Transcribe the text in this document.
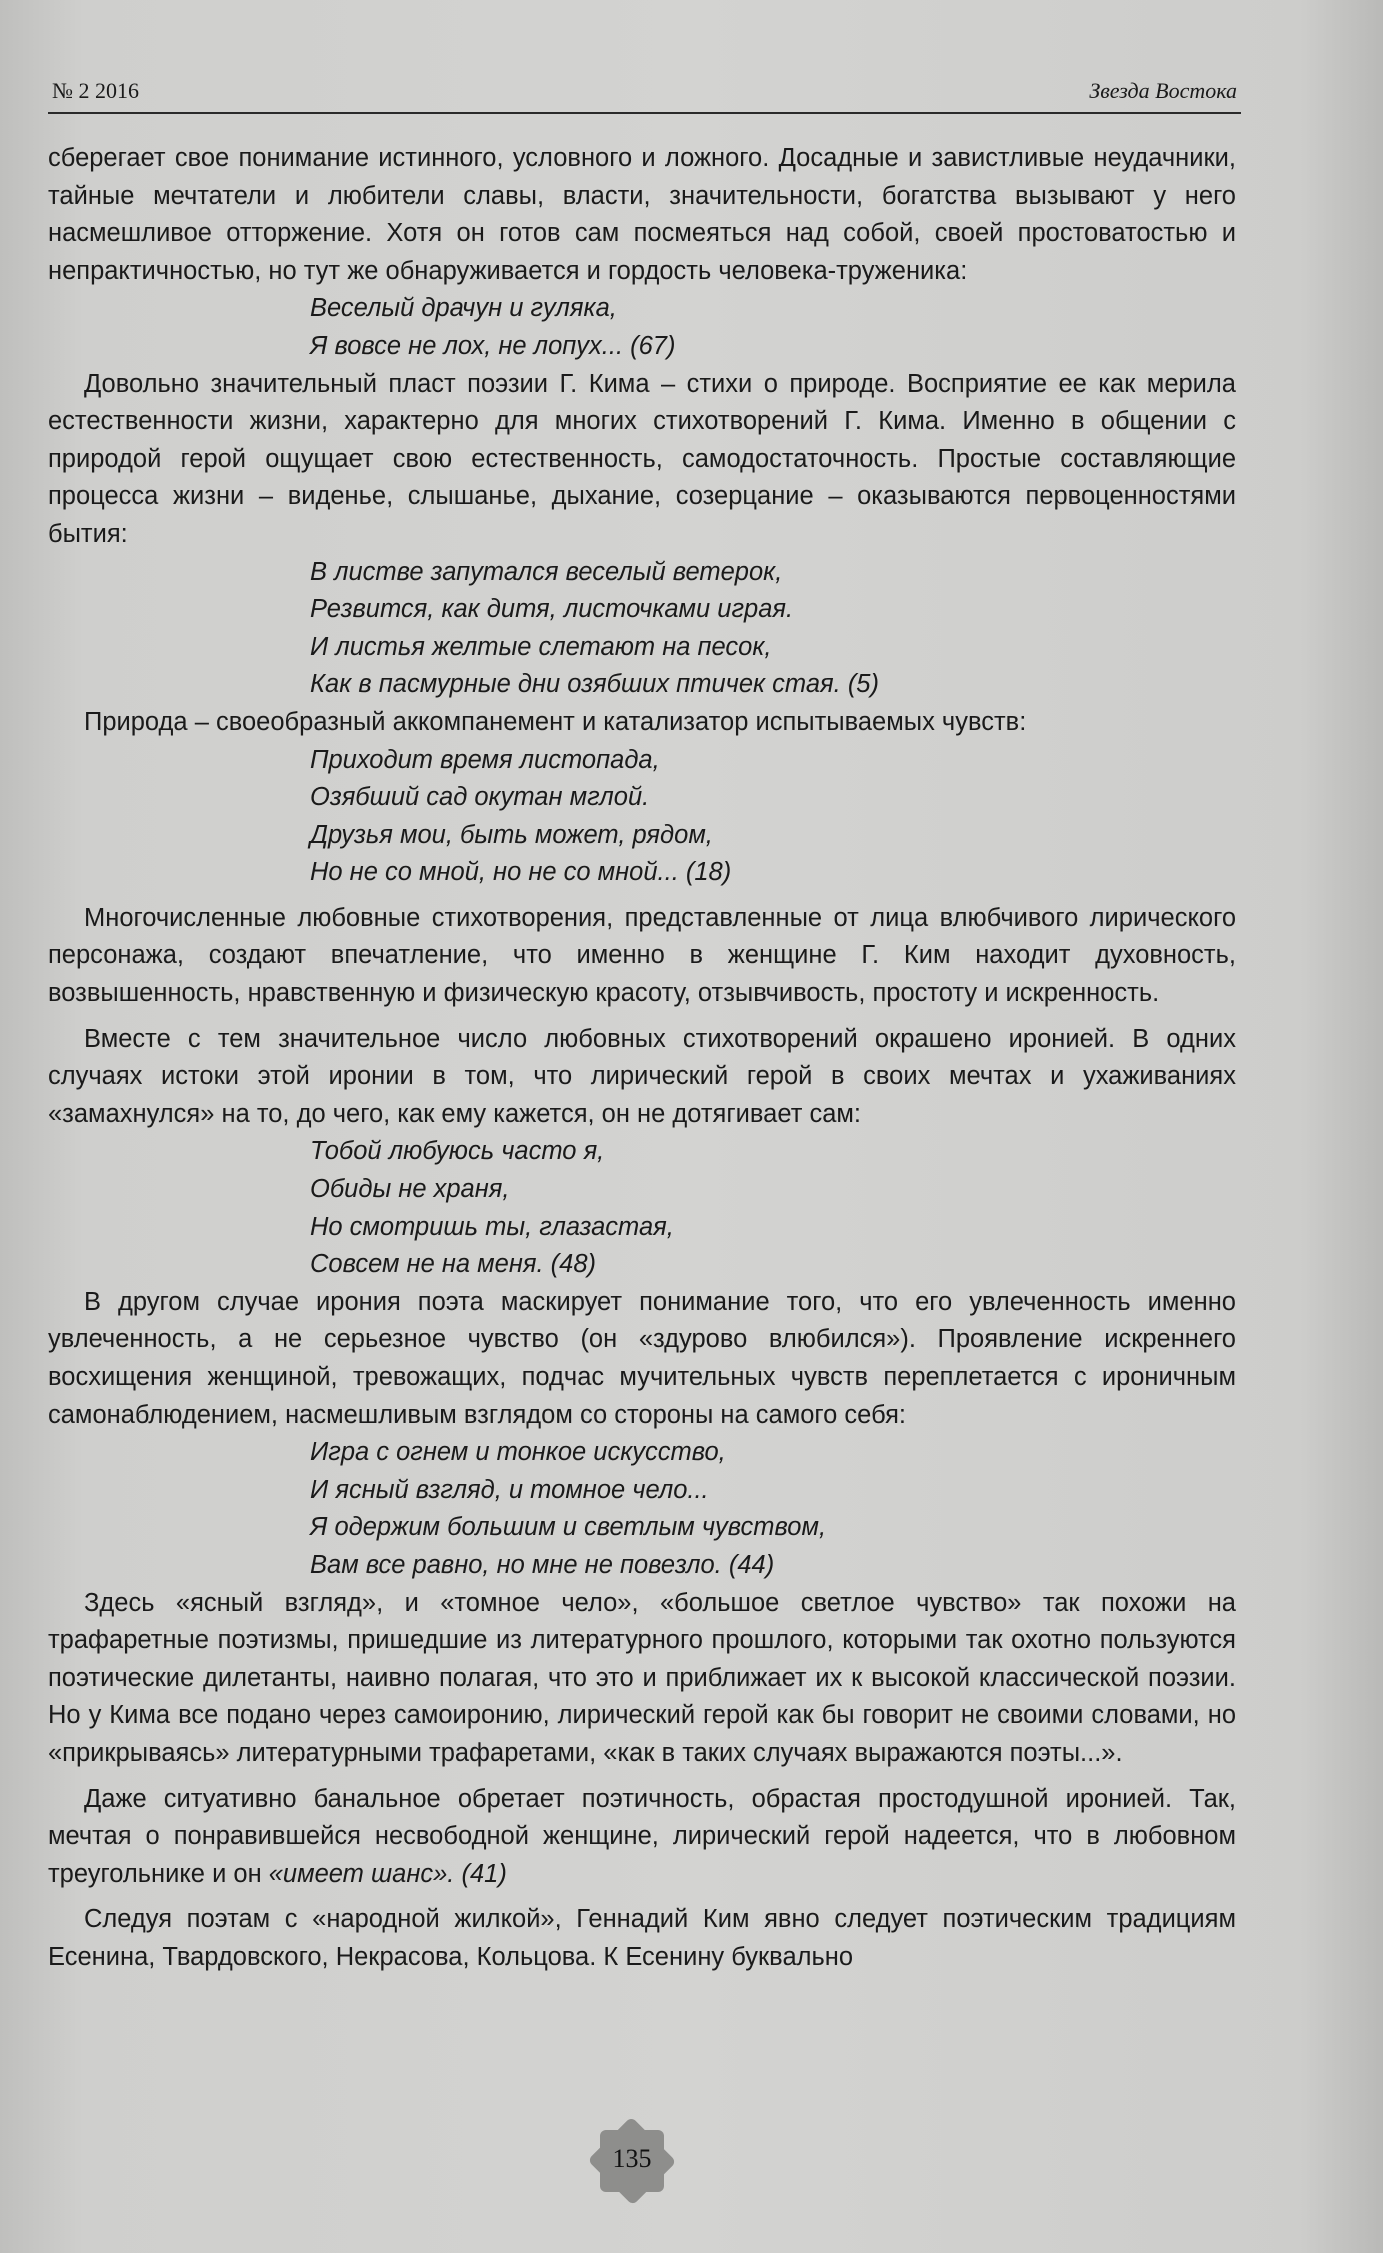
№ 2 2016	Звезда Востока

сберегает свое понимание истинного, условного и ложного. Досадные и завистливые неудачники, тайные мечтатели и любители славы, власти, значительности, богатства вызывают у него насмешливое отторжение. Хотя он готов сам посмеяться над собой, своей простоватостью и непрактичностью, но тут же обнаруживается и гордость человека-труженика:

Веселый драчун и гуляка,
Я вовсе не лох, не лопух... (67)

Довольно значительный пласт поэзии Г. Кима – стихи о природе. Восприятие ее как мерила естественности жизни, характерно для многих стихотворений Г. Кима. Именно в общении с природой герой ощущает свою естественность, самодостаточность. Простые составляющие процесса жизни – виденье, слышанье, дыхание, созерцание – оказываются первоценностями бытия:

В листве запутался веселый ветерок,
Резвится, как дитя, листочками играя.
И листья желтые слетают на песок,
Как в пасмурные дни озябших птичек стая. (5)

Природа – своеобразный аккомпанемент и катализатор испытываемых чувств:

Приходит время листопада,
Озябший сад окутан мглой.
Друзья мои, быть может, рядом,
Но не со мной, но не со мной... (18)

Многочисленные любовные стихотворения, представленные от лица влюбчивого лирического персонажа, создают впечатление, что именно в женщине Г. Ким находит духовность, возвышенность, нравственную и физическую красоту, отзывчивость, простоту и искренность.

Вместе с тем значительное число любовных стихотворений окрашено иронией. В одних случаях истоки этой иронии в том, что лирический герой в своих мечтах и ухаживаниях «замахнулся» на то, до чего, как ему кажется, он не дотягивает сам:

Тобой любуюсь часто я,
Обиды не храня,
Но смотришь ты, глазастая,
Совсем не на меня. (48)

В другом случае ирония поэта маскирует понимание того, что его увлеченность именно увлеченность, а не серьезное чувство (он «здурово влюбился»). Проявление искреннего восхищения женщиной, тревожащих, подчас мучительных чувств переплетается с ироничным самонаблюдением, насмешливым взглядом со стороны на самого себя:

Игра с огнем и тонкое искусство,
И ясный взгляд, и томное чело...
Я одержим большим и светлым чувством,
Вам все равно, но мне не повезло. (44)

Здесь «ясный взгляд», и «томное чело», «большое светлое чувство» так похожи на трафаретные поэтизмы, пришедшие из литературного прошлого, которыми так охотно пользуются поэтические дилетанты, наивно полагая, что это и приближает их к высокой классической поэзии. Но у Кима все подано через самоиронию, лирический герой как бы говорит не своими словами, но «прикрываясь» литературными трафаретами, «как в таких случаях выражаются поэты...».

Даже ситуативно банальное обретает поэтичность, обрастая простодушной иронией. Так, мечтая о понравившейся несвободной женщине, лирический герой надеется, что в любовном треугольнике и он «имеет шанс». (41)

Следуя поэтам с «народной жилкой», Геннадий Ким явно следует поэтическим традициям Есенина, Твардовского, Некрасова, Кольцова. К Есенину буквально

135
